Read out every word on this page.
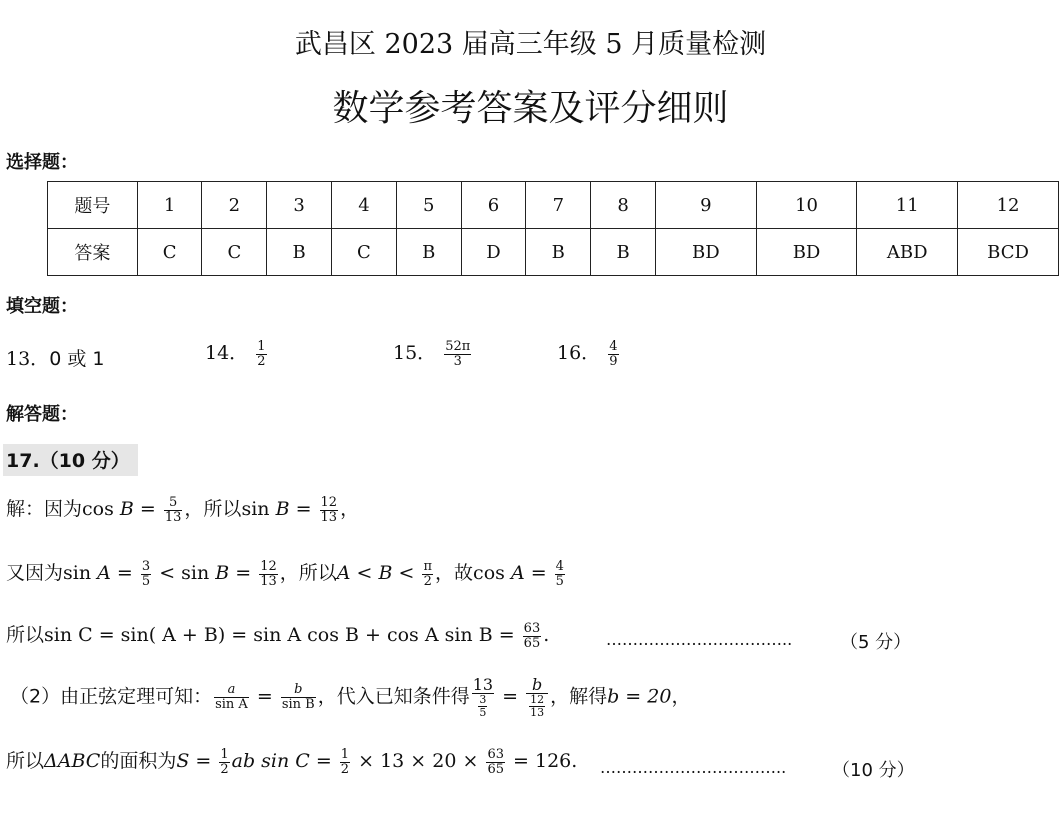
武昌区 2023 届高三年级 5 月质量检测
数学参考答案及评分细则
选择题：
题号	1	2	3	4	5	6	7	8	9	10	11	12
答案	C	C	B	C	B	D	B	B	BD	BD	ABD	BCD
填空题：
13．0 或 1	14． $\frac{1}{2}$	15． $\frac{52\pi}{3}$	16． $\frac{4}{9}$
解答题：
17.（10 分）
解：因为$\cos B = \frac{5}{13}$ ，所以$\sin B = \frac{12}{13}$ ，
又因为$\sin A = \frac{3}{5} < \sin B = \frac{12}{13}$ ，所以$A < B < \frac{\pi}{2}$ ，故$\cos A = \frac{4}{5}$
所以sin C = sin( A + B) = sin A cos B + cos A $\sin B = \frac{63}{65}$ .	……………………………..	（5 分）
（2）由正弦定理可知： $\frac{a}{\text{sin A}} = \frac{b}{\text{sin B}}$ ，代入已知条件得 $\frac{13}{\frac{3}{5}} = \frac{b}{\frac{12}{13}}$ ，解得b = 20，
所以ΔABC的面积为$S = \frac{1}{2}$ ab $\sin C = \frac{1}{2} \times 13 \times 20 \times \frac{63}{65} = 126$. ……………………………..	（10 分）
